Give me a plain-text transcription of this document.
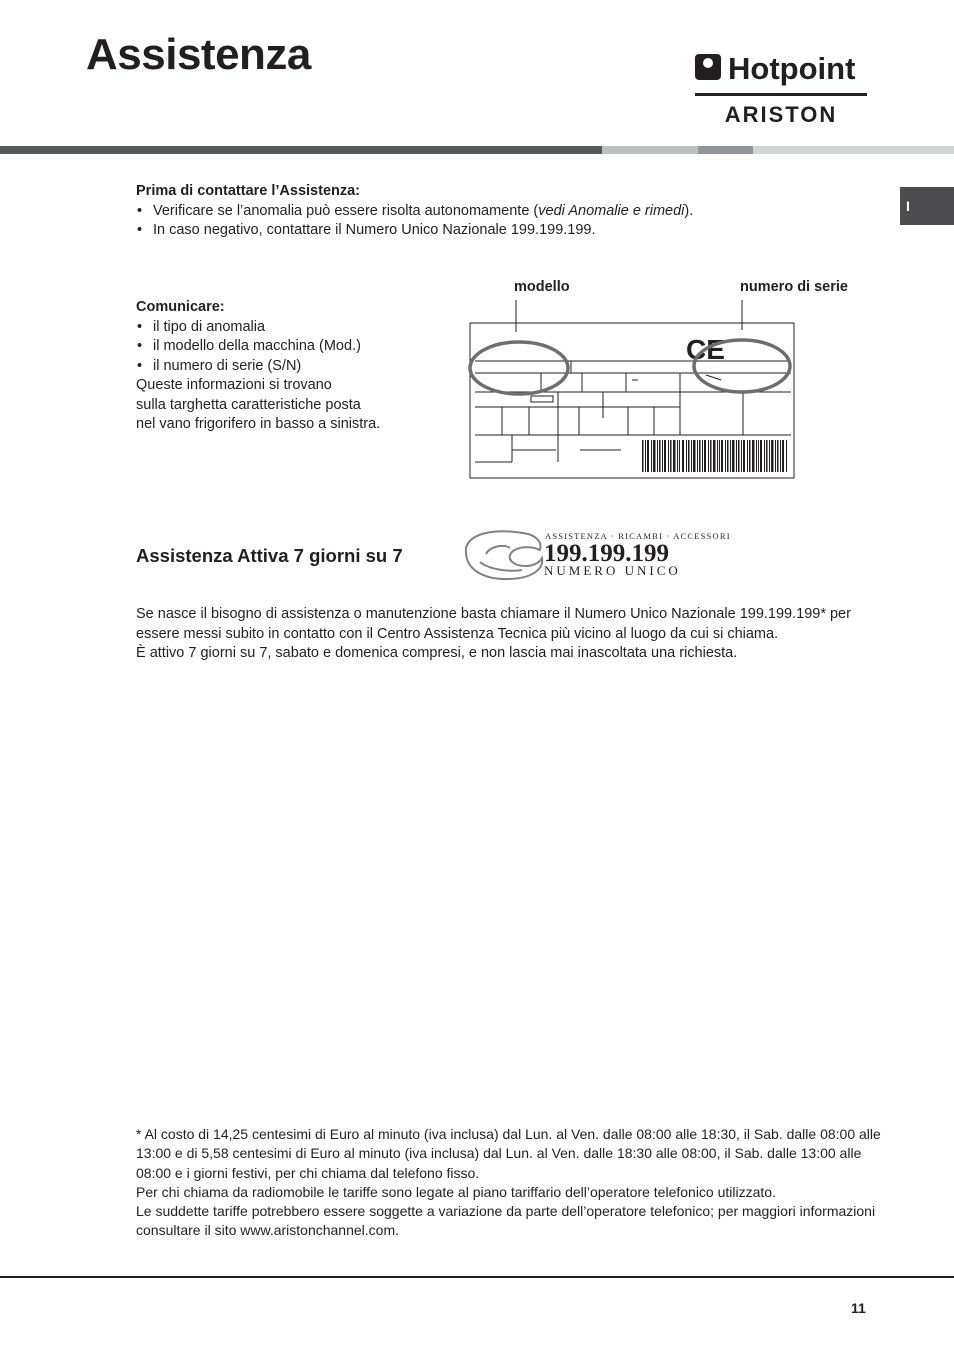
Assistenza	Hotpoint
ARISTON
I

Prima di contattare l’Assistenza:

• Verificare se l’anomalia può essere risolta autonomamente (vedi Anomalie e rimedi).
• In caso negativo, contattare il Numero Unico Nazionale 199.199.199.

Comunicare:

• il tipo di anomalia
• il modello della macchina (Mod.)
• il numero di serie (S/N)

Queste informazioni si trovano
sulla targhetta caratteristiche posta
nel vano frigorifero in basso a sinistra.

modello	numero di serie
CE
Assistenza Attiva 7 giorni su 7
ASSISTENZA · RICAMBI · ACCESSORI
199.199.199
NUMERO UNICO

Se nasce il bisogno di assistenza o manutenzione basta chiamare il Numero Unico Nazionale 199.199.199* per
essere messi subito in contatto con il Centro Assistenza Tecnica più vicino al luogo da cui si chiama.
È attivo 7 giorni su 7, sabato e domenica compresi, e non lascia mai inascoltata una richiesta.

* Al costo di 14,25 centesimi di Euro al minuto (iva inclusa) dal Lun. al Ven. dalle 08:00 alle 18:30, il Sab. dalle 08:00 alle 13:00 e di 5,58 centesimi di Euro al minuto (iva inclusa) dal Lun. al Ven. dalle 18:30 alle 08:00, il Sab. dalle 13:00 alle 08:00 e i giorni festivi, per chi chiama dal telefono fisso.

Per chi chiama da radiomobile le tariffe sono legate al piano tariffario dell’operatore telefonico utilizzato.

Le suddette tariffe potrebbero essere soggette a variazione da parte dell’operatore telefonico; per maggiori informazioni consultare il sito www.aristonchannel.com.

11
